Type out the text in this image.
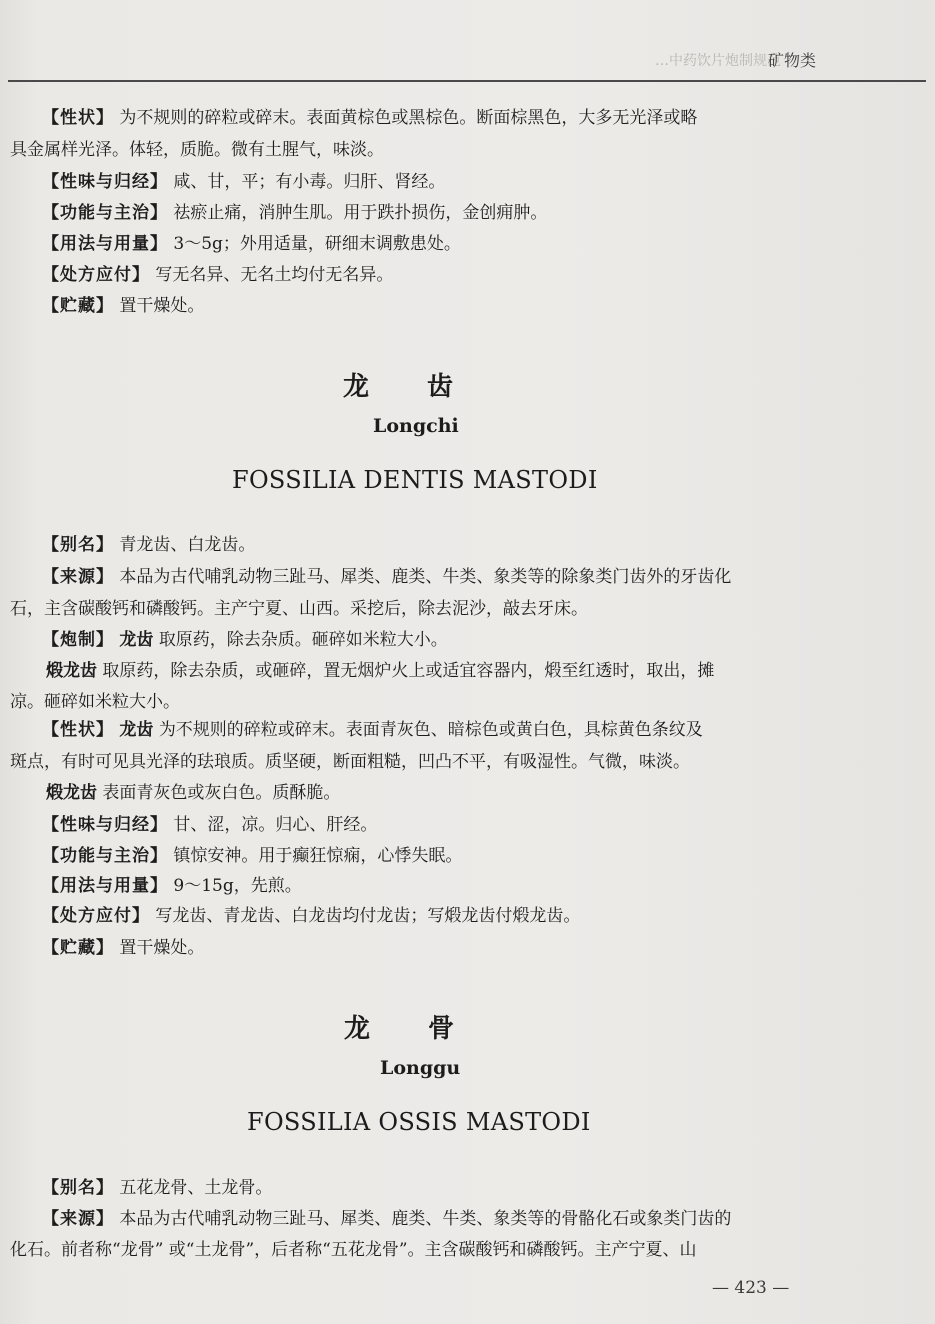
…中药饮片炮制规范
矿物类
【性状】 为不规则的碎粒或碎末。表面黄棕色或黑棕色。断面棕黑色，大多无光泽或略
具金属样光泽。体轻，质脆。微有土腥气，味淡。
【性味与归经】 咸、甘，平；有小毒。归肝、肾经。
【功能与主治】 祛瘀止痛，消肿生肌。用于跌扑损伤，金创痈肿。
【用法与用量】 3～5g；外用适量，研细末调敷患处。
【处方应付】 写无名异、无名土均付无名异。
【贮藏】 置干燥处。
龙齿
Longchi
FOSSILIA DENTIS MASTODI
【别名】 青龙齿、白龙齿。
【来源】 本品为古代哺乳动物三趾马、犀类、鹿类、牛类、象类等的除象类门齿外的牙齿化
石，主含碳酸钙和磷酸钙。主产宁夏、山西。采挖后，除去泥沙，敲去牙床。
【炮制】 龙齿 取原药，除去杂质。砸碎如米粒大小。
煅龙齿 取原药，除去杂质，或砸碎，置无烟炉火上或适宜容器内，煅至红透时，取出，摊
凉。砸碎如米粒大小。
【性状】 龙齿 为不规则的碎粒或碎末。表面青灰色、暗棕色或黄白色，具棕黄色条纹及
斑点，有时可见具光泽的珐琅质。质坚硬，断面粗糙，凹凸不平，有吸湿性。气微，味淡。
煅龙齿 表面青灰色或灰白色。质酥脆。
【性味与归经】 甘、涩，凉。归心、肝经。
【功能与主治】 镇惊安神。用于癫狂惊痫，心悸失眠。
【用法与用量】 9～15g，先煎。
【处方应付】 写龙齿、青龙齿、白龙齿均付龙齿；写煅龙齿付煅龙齿。
【贮藏】 置干燥处。
龙骨
Longgu
FOSSILIA OSSIS MASTODI
【别名】 五花龙骨、土龙骨。
【来源】 本品为古代哺乳动物三趾马、犀类、鹿类、牛类、象类等的骨骼化石或象类门齿的
化石。前者称“龙骨” 或“土龙骨”，后者称“五花龙骨”。主含碳酸钙和磷酸钙。主产宁夏、山
— 423 —
